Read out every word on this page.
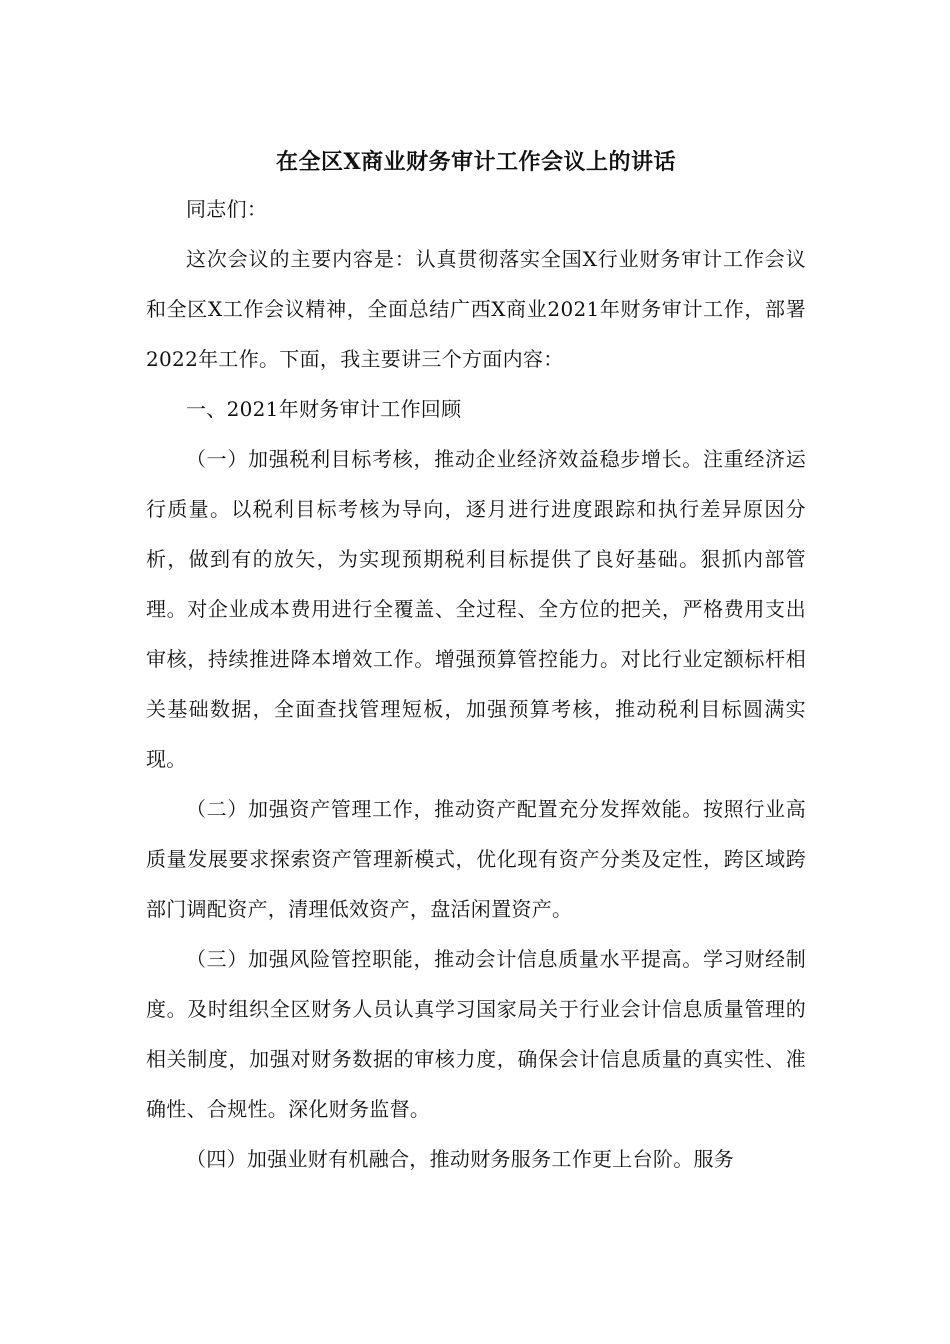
在全区X商业财务审计工作会议上的讲话

同志们：

这次会议的主要内容是：认真贯彻落实全国X行业财务审计工作会议和全区X工作会议精神，全面总结广西X商业2021年财务审计工作，部署2022年工作。下面，我主要讲三个方面内容：

一、2021年财务审计工作回顾

（一）加强税利目标考核，推动企业经济效益稳步增长。注重经济运行质量。以税利目标考核为导向，逐月进行进度跟踪和执行差异原因分析，做到有的放矢，为实现预期税利目标提供了良好基础。狠抓内部管理。对企业成本费用进行全覆盖、全过程、全方位的把关，严格费用支出审核，持续推进降本增效工作。增强预算管控能力。对比行业定额标杆相关基础数据，全面查找管理短板，加强预算考核，推动税利目标圆满实现。

（二）加强资产管理工作，推动资产配置充分发挥效能。按照行业高质量发展要求探索资产管理新模式，优化现有资产分类及定性，跨区域跨部门调配资产，清理低效资产，盘活闲置资产。

（三）加强风险管控职能，推动会计信息质量水平提高。学习财经制度。及时组织全区财务人员认真学习国家局关于行业会计信息质量管理的相关制度，加强对财务数据的审核力度，确保会计信息质量的真实性、准确性、合规性。深化财务监督。

（四）加强业财有机融合，推动财务服务工作更上台阶。服务
